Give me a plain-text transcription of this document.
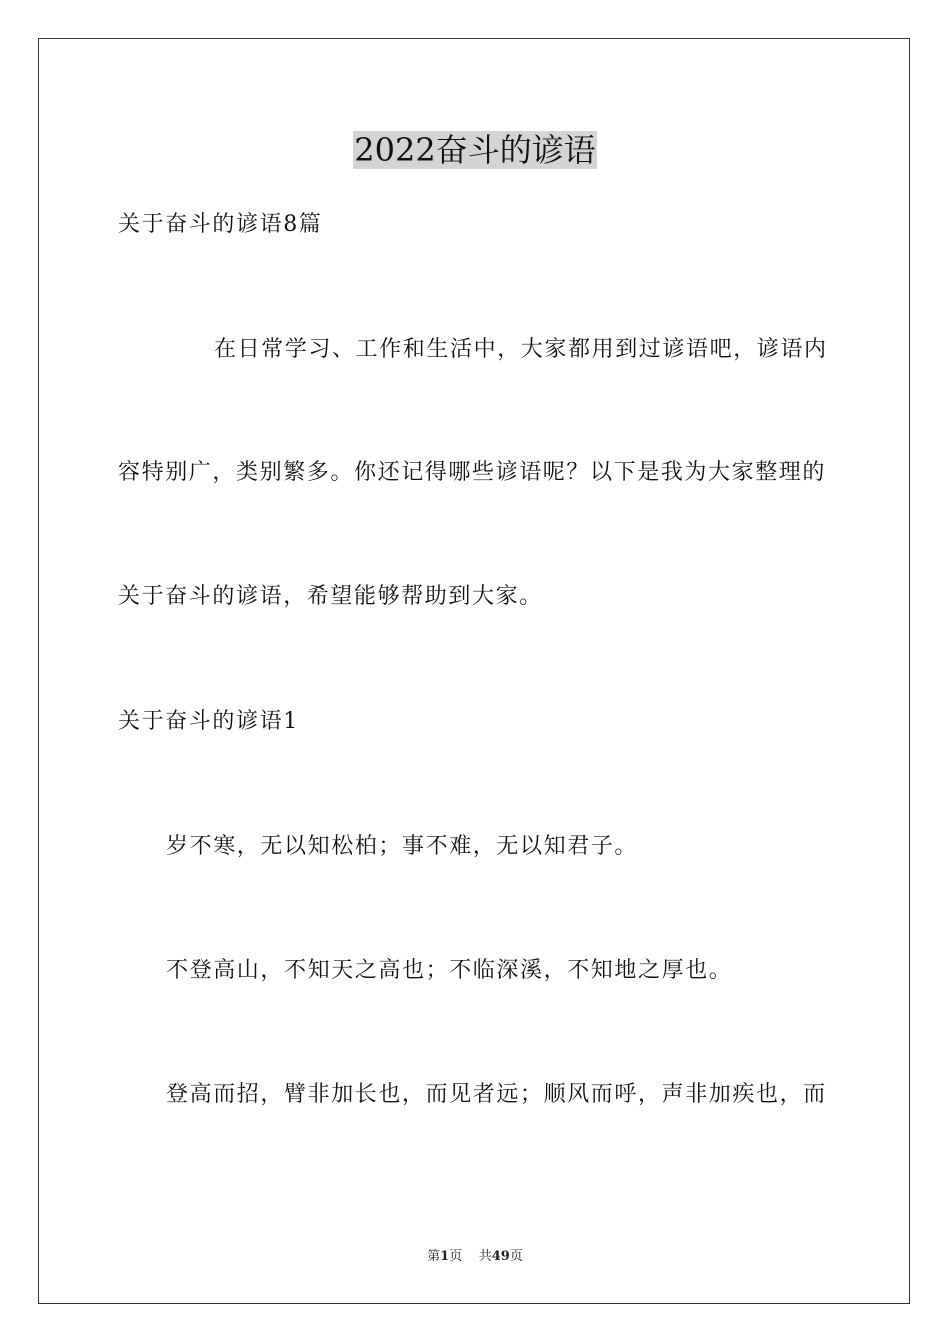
2022奋斗的谚语
关于奋斗的谚语8篇
在日常学习、工作和生活中，大家都用到过谚语吧，谚语内
容特别广，类别繁多。你还记得哪些谚语呢？以下是我为大家整理的
关于奋斗的谚语，希望能够帮助到大家。
关于奋斗的谚语1
岁不寒，无以知松柏；事不难，无以知君子。
不登高山，不知天之高也；不临深溪，不知地之厚也。
登高而招，臂非加长也，而见者远；顺风而呼，声非加疾也，而
第1页 共49页
